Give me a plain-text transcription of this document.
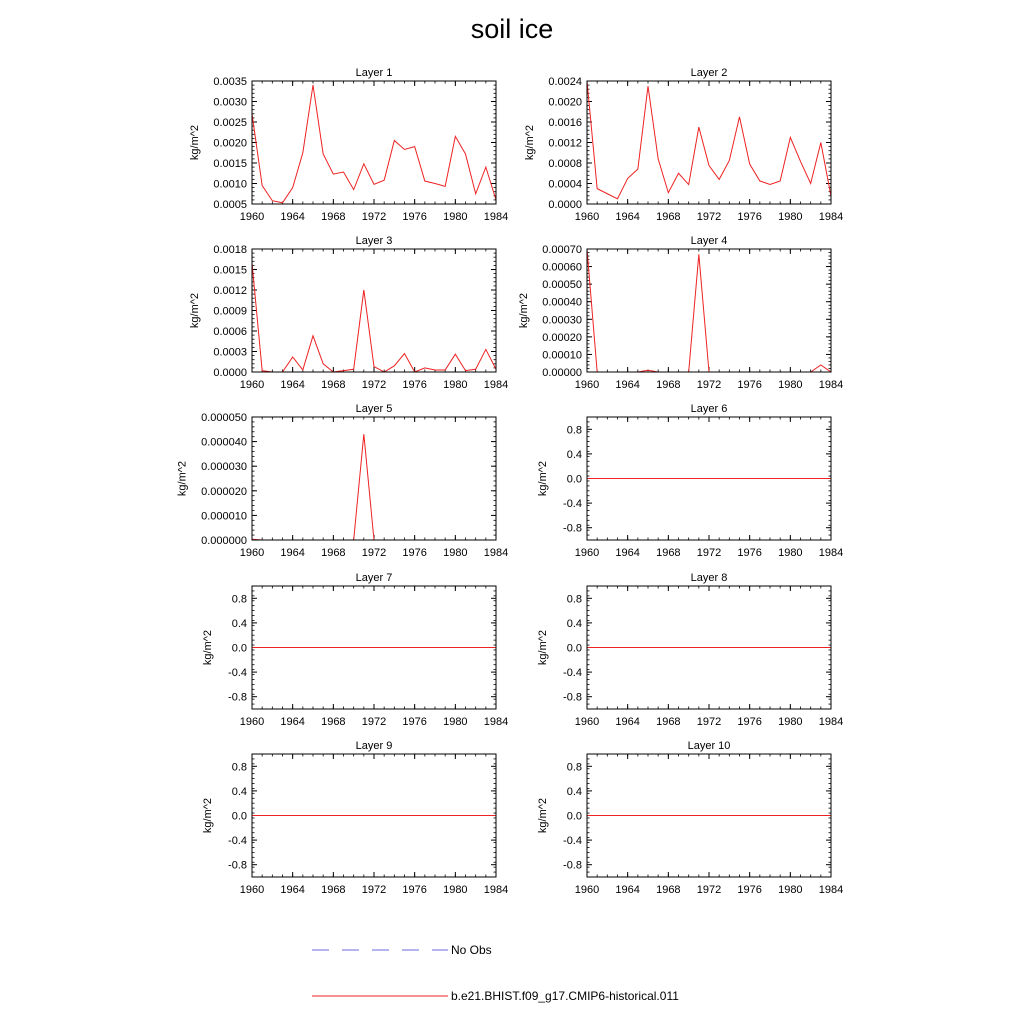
soil ice
Layer 1
1960 1964 1968 1972 1976 1980 1984
0.0005
0.0010
0.0015
0.0020
0.0025
0.0030
0.0035
kg/m^2
Layer 2
1960 1964 1968 1972 1976 1980 1984
0.0000
0.0004
0.0008
0.0012
0.0016
0.0020
0.0024
kg/m^2
Layer 3
1960 1964 1968 1972 1976 1980 1984
0.0000
0.0003
0.0006
0.0009
0.0012
0.0015
0.0018
kg/m^2
Layer 4
1960 1964 1968 1972 1976 1980 1984
0.00000
0.00010
0.00020
0.00030
0.00040
0.00050
0.00060
0.00070
kg/m^2
Layer 5
1960 1964 1968 1972 1976 1980 1984
0.000000
0.000010
0.000020
0.000030
0.000040
0.000050
kg/m^2
Layer 6
1960 1964 1968 1972 1976 1980 1984
-0.8
-0.4
0.0
0.4
0.8
kg/m^2
Layer 7
1960 1964 1968 1972 1976 1980 1984
-0.8
-0.4
0.0
0.4
0.8
kg/m^2
Layer 8
1960 1964 1968 1972 1976 1980 1984
-0.8
-0.4
0.0
0.4
0.8
kg/m^2
Layer 9
1960 1964 1968 1972 1976 1980 1984
-0.8
-0.4
0.0
0.4
0.8
kg/m^2
Layer 10
1960 1964 1968 1972 1976 1980 1984
-0.8
-0.4
0.0
0.4
0.8
kg/m^2
No Obs
b.e21.BHIST.f09_g17.CMIP6-historical.011
